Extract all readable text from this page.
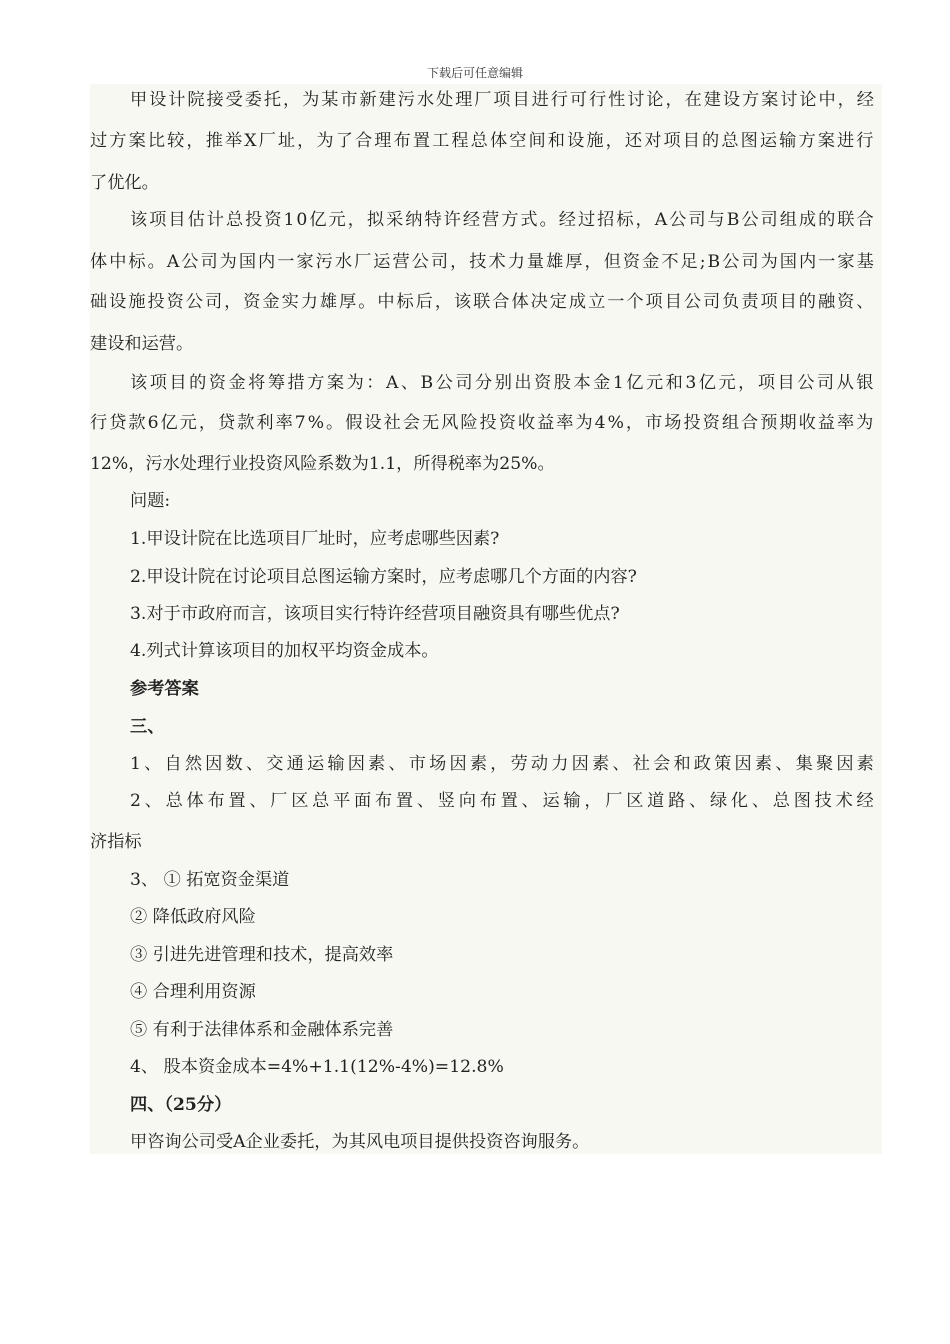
下载后可任意编辑
甲 设 计 院 接 受 委 托 ， 为 某 市 新 建 污 水 处 理 厂 项 目 进 行 可 行 性 讨 论 ， 在 建 设 方 案 讨 论 中 ， 经
过 方 案 比 较 ， 推 举 X 厂 址 ， 为 了 合 理 布 置 工 程 总 体 空 间 和 设 施 ， 还 对 项 目 的 总 图 运 输 方 案 进 行
了优化。
该 项 目 估 计 总 投 资 1 0 亿 元 ， 拟 采 纳 特 许 经 营 方 式 。 经 过 招 标 ， A 公 司 与 B 公 司 组 成 的 联 合
体 中 标 。 A 公 司 为 国 内 一 家 污 水 厂 运 营 公 司 ， 技 术 力 量 雄 厚 ， 但 资 金 不 足 ; B 公 司 为 国 内 一 家 基
础 设 施 投 资 公 司 ， 资 金 实 力 雄 厚 。 中 标 后 ， 该 联 合 体 决 定 成 立 一 个 项 目 公 司 负 责 项 目 的 融 资 、
建设和运营。
该 项 目 的 资 金 将 筹 措 方 案 为 ： A 、 B 公 司 分 别 出 资 股 本 金 1 亿 元 和 3 亿 元 ， 项 目 公 司 从 银
行 贷 款 6 亿 元 ， 贷 款 利 率 7 % 。 假 设 社 会 无 风 险 投 资 收 益 率 为 4 % ， 市 场 投 资 组 合 预 期 收 益 率 为
12%，污水处理行业投资风险系数为1.1，所得税率为25%。
问题:
1.甲设计院在比选项目厂址时，应考虑哪些因素?
2.甲设计院在讨论项目总图运输方案时，应考虑哪几个方面的内容?
3.对于市政府而言，该项目实行特许经营项目融资具有哪些优点?
4.列式计算该项目的加权平均资金成本。
参考答案
三、
1 、 自 然 因 数 、 交 通 运 输 因 素 、 市 场 因 素 ， 劳 动 力 因 素 、 社 会 和 政 策 因 素 、 集 聚 因 素
2 、 总 体 布 置 、 厂 区 总 平 面 布 置 、 竖 向 布 置 、 运 输 ， 厂 区 道 路 、 绿 化 、 总 图 技 术 经
济指标
3、 ① 拓宽资金渠道
② 降低政府风险
③ 引进先进管理和技术，提高效率
④ 合理利用资源
⑤ 有利于法律体系和金融体系完善
4、 股本资金成本=4%+1.1(12%-4%)=12.8%
四、（25分）
甲咨询公司受A企业委托，为其风电项目提供投资咨询服务。
